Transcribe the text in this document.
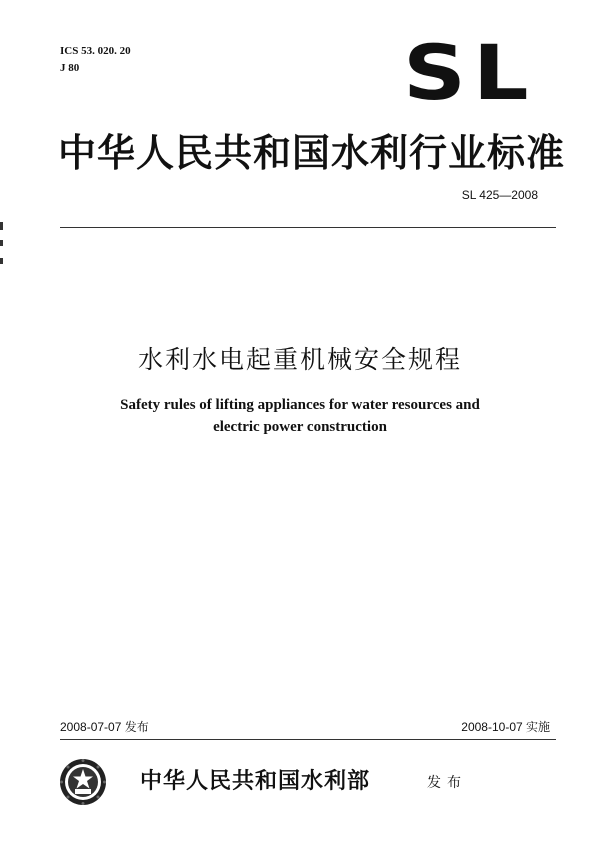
ICS 53. 020. 20
J 80	SL
中华人民共和国水利行业标准
SL 425—2008
水利水电起重机械安全规程
Safety rules of lifting appliances for water resources and
electric power construction
2008-07-07 发布	2008-10-07 实施
中华人民共和国水利部	发布
